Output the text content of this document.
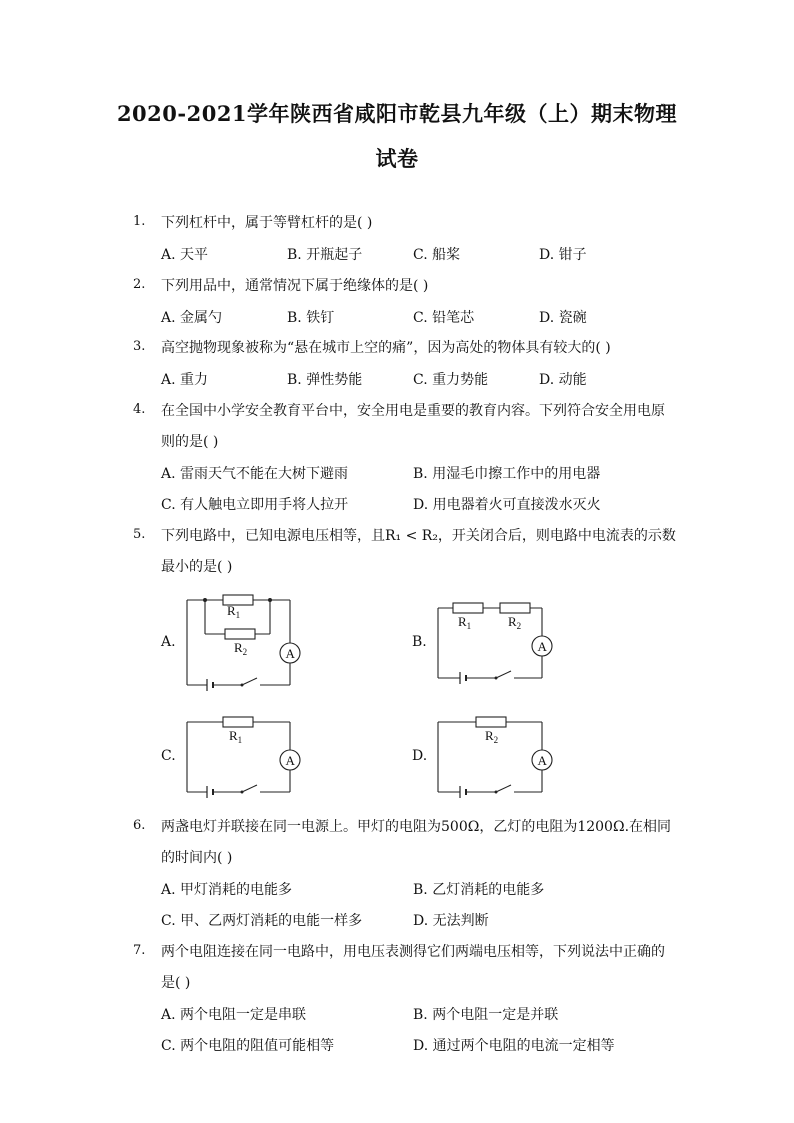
2020-2021学年陕西省咸阳市乾县九年级（上）期末物理
试卷
1. 下列杠杆中，属于等臂杠杆的是( )
A. 天平	B. 开瓶起子	C. 船桨	D. 钳子
2. 下列用品中，通常情况下属于绝缘体的是( )
A. 金属勺	B. 铁钉	C. 铅笔芯	D. 瓷碗
3. 高空抛物现象被称为“悬在城市上空的痛”，因为高处的物体具有较大的( )
A. 重力	B. 弹性势能	C. 重力势能	D. 动能
4. 在全国中小学安全教育平台中，安全用电是重要的教育内容。下列符合安全用电原
则的是( )
A. 雷雨天气不能在大树下避雨	B. 用湿毛巾擦工作中的用电器
C. 有人触电立即用手将人拉开	D. 用电器着火可直接泼水灭火
5. 下列电路中，已知电源电压相等，且R₁ < R₂，开关闭合后，则电路中电流表的示数
最小的是( )
A.	B.
C.	D.
A
$R_1$
$R_2$	A
$R_1$	$R_2$
A
$R_1$
A
$R_2$
6. 两盏电灯并联接在同一电源上。甲灯的电阻为500Ω，乙灯的电阻为1200Ω.在相同
的时间内( )
A. 甲灯消耗的电能多	B. 乙灯消耗的电能多
C. 甲、乙两灯消耗的电能一样多	D. 无法判断
7. 两个电阻连接在同一电路中，用电压表测得它们两端电压相等，下列说法中正确的
是( )
A. 两个电阻一定是串联	B. 两个电阻一定是并联
C. 两个电阻的阻值可能相等	D. 通过两个电阻的电流一定相等
